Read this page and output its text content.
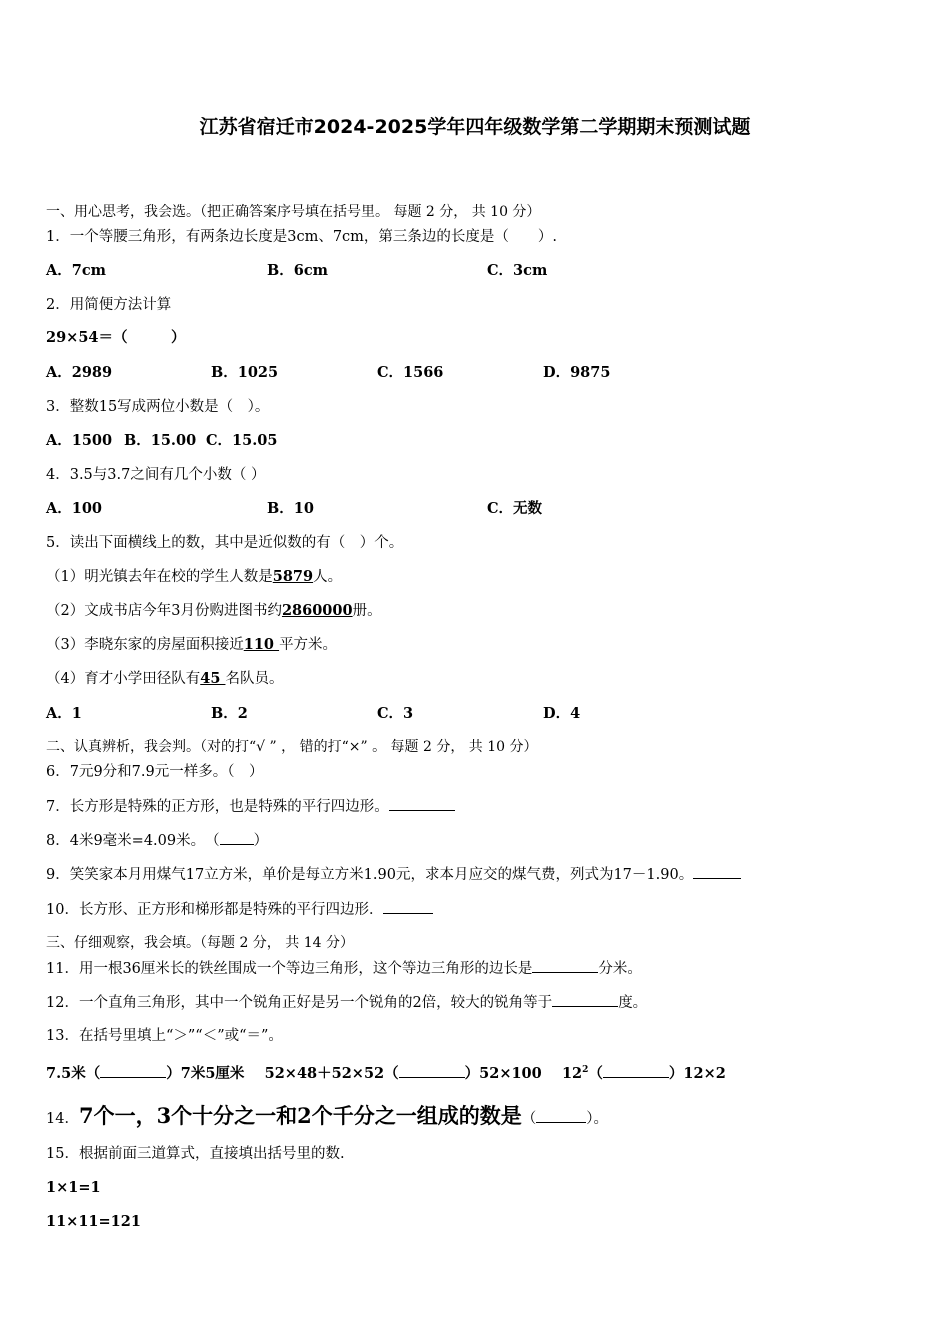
江苏省宿迁市2024-2025学年四年级数学第二学期期末预测试题
一、用心思考，我会选。（把正确答案序号填在括号里。 每题 2 分， 共 10 分）
1．一个等腰三角形，有两条边长度是3cm、7cm，第三条边的长度是（　　）.
A．7cm	B．6cm	C．3cm
2．用简便方法计算
29×54＝（　　　）
A．2989	B．1025	C．1566	D．9875
3．整数15写成两位小数是（　）。
A．1500 B．15.00 C．15.05
4．3.5与3.7之间有几个小数（ ）
A．100	B．10	C．无数
5．读出下面横线上的数，其中是近似数的有（　）个。
（1）明光镇去年在校的学生人数是5879人。
（2）文成书店今年3月份购进图书约2860000册。
（3）李晓东家的房屋面积接近110 平方米。
（4）育才小学田径队有45 名队员。
A．1	B．2	C．3	D．4
二、认真辨析，我会判。（对的打“√ ” ， 错的打“×” 。 每题 2 分， 共 10 分）
6．7元9分和7.9元一样多。（　）
7．长方形是特殊的正方形，也是特殊的平行四边形。
8．4米9毫米=4.09米。　（ ）
9．笑笑家本月用煤气17立方米，单价是每立方米1.90元，求本月应交的煤气费，列式为17－1.90。
10．长方形、正方形和梯形都是特殊的平行四边形．
三、仔细观察，我会填。（每题 2 分， 共 14 分）
11．用一根36厘米长的铁丝围成一个等边三角形，这个等边三角形的边长是	分米。
12．一个直角三角形，其中一个锐角正好是另一个锐角的2倍，较大的锐角等于	度。
13．在括号里填上“＞”“＜”或“＝”。
7.5米（	）7米5厘米 52×48＋52×52（	）52×100 $12^2$（	）12×2
14．7个一，3个十分之一和2个千分之一组成的数是（	）。
15．根据前面三道算式，直接填出括号里的数.
1×1=1
11×11=121
